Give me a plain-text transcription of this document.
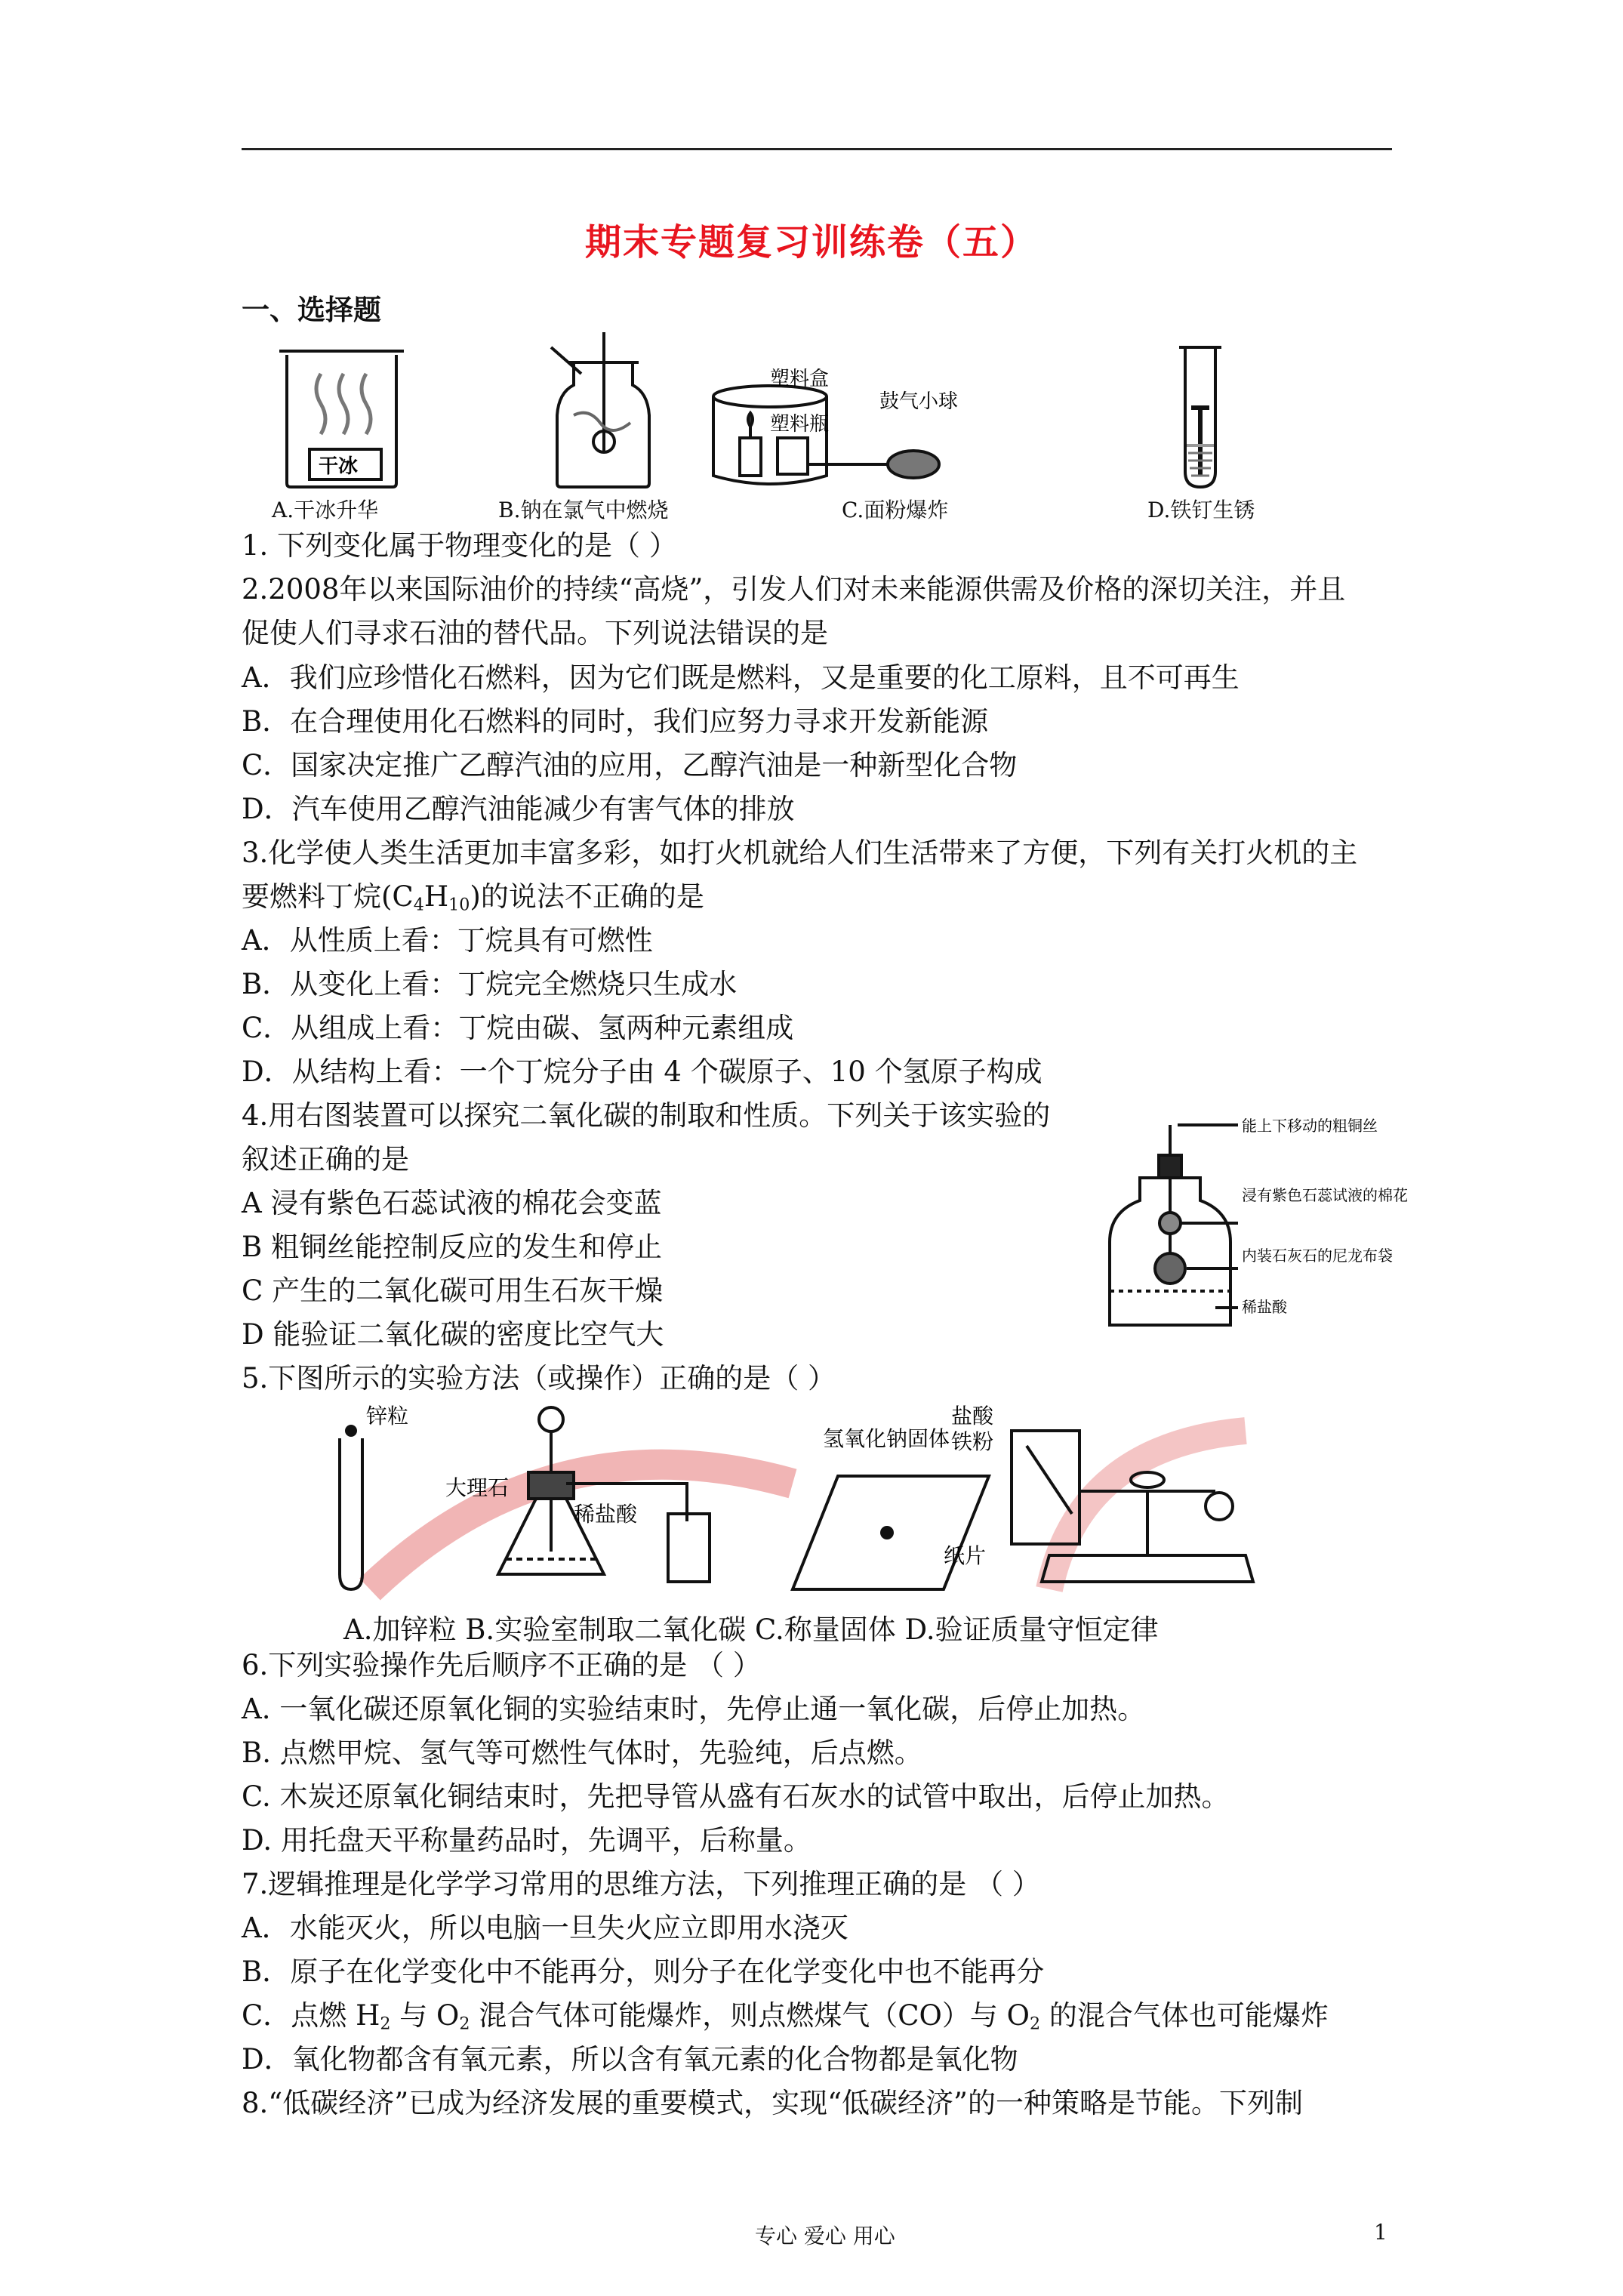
期末专题复习训练卷（五）
一、选择题
干冰
塑料盒
塑料瓶
鼓气小球
A.干冰升华	B.钠在氯气中燃烧	C.面粉爆炸	D.铁钉生锈
1. 下列变化属于物理变化的是（ ）
2.2008年以来国际油价的持续“高烧”，引发人们对未来能源供需及价格的深切关注，并且
促使人们寻求石油的替代品。下列说法错误的是
A．我们应珍惜化石燃料，因为它们既是燃料，又是重要的化工原料，且不可再生
B．在合理使用化石燃料的同时，我们应努力寻求开发新能源
C．国家决定推广乙醇汽油的应用，乙醇汽油是一种新型化合物
D．汽车使用乙醇汽油能减少有害气体的排放
3.化学使人类生活更加丰富多彩，如打火机就给人们生活带来了方便，下列有关打火机的主
要燃料丁烷$(C_4H_{10})$的说法不正确的是
A．从性质上看：丁烷具有可燃性
B．从变化上看：丁烷完全燃烧只生成水
C．从组成上看：丁烷由碳、氢两种元素组成
D．从结构上看：一个丁烷分子由 4 个碳原子、10 个氢原子构成
4.用右图装置可以探究二氧化碳的制取和性质。下列关于该实验的
叙述正确的是
A 浸有紫色石蕊试液的棉花会变蓝
B 粗铜丝能控制反应的发生和停止
C 产生的二氧化碳可用生石灰干燥
D 能验证二氧化碳的密度比空气大
能上下移动的粗铜丝
浸有紫色石蕊试液的棉花
内装石灰石的尼龙布袋
稀盐酸
5.下图所示的实验方法（或操作）正确的是（ ）
锌粒
大理石
稀盐酸
氢氧化钠固体
纸片
盐酸
铁粉
A.加锌粒 B.实验室制取二氧化碳 C.称量固体 D.验证质量守恒定律
6.下列实验操作先后顺序不正确的是 （ ）
A. 一氧化碳还原氧化铜的实验结束时，先停止通一氧化碳，后停止加热。
B. 点燃甲烷、氢气等可燃性气体时，先验纯，后点燃。
C. 木炭还原氧化铜结束时，先把导管从盛有石灰水的试管中取出，后停止加热。
D. 用托盘天平称量药品时，先调平，后称量。
7.逻辑推理是化学学习常用的思维方法，下列推理正确的是 （ ）
A．水能灭火，所以电脑一旦失火应立即用水浇灭
B．原子在化学变化中不能再分，则分子在化学变化中也不能再分
C．点燃 $H_2$ 与 $O_2$ 混合气体可能爆炸，则点燃煤气（CO）与 $O_2$ 的混合气体也可能爆炸
D．氧化物都含有氧元素，所以含有氧元素的化合物都是氧化物
8.“低碳经济”已成为经济发展的重要模式，实现“低碳经济”的一种策略是节能。下列制
专心 爱心 用心	1
